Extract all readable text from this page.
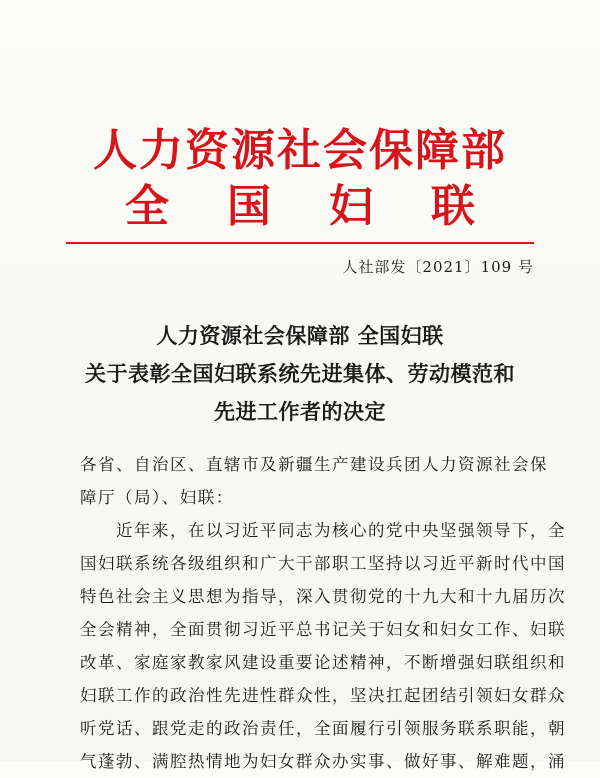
人力资源社会保障部
全国妇联
人社部发〔2021〕109 号
人力资源社会保障部 全国妇联
关于表彰全国妇联系统先进集体、劳动模范和
先进工作者的决定
各省、自治区、直辖市及新疆生产建设兵团人力资源社会保
障厅（局）、妇联：
　　近年来，在以习近平同志为核心的党中央坚强领导下，全
国妇联系统各级组织和广大干部职工坚持以习近平新时代中国
特色社会主义思想为指导，深入贯彻党的十九大和十九届历次
全会精神，全面贯彻习近平总书记关于妇女和妇女工作、妇联
改革、家庭家教家风建设重要论述精神，不断增强妇联组织和
妇联工作的政治性先进性群众性，坚决扛起团结引领妇女群众
听党话、跟党走的政治责任，全面履行引领服务联系职能，朝
气蓬勃、满腔热情地为妇女群众办实事、做好事、解难题，涌
